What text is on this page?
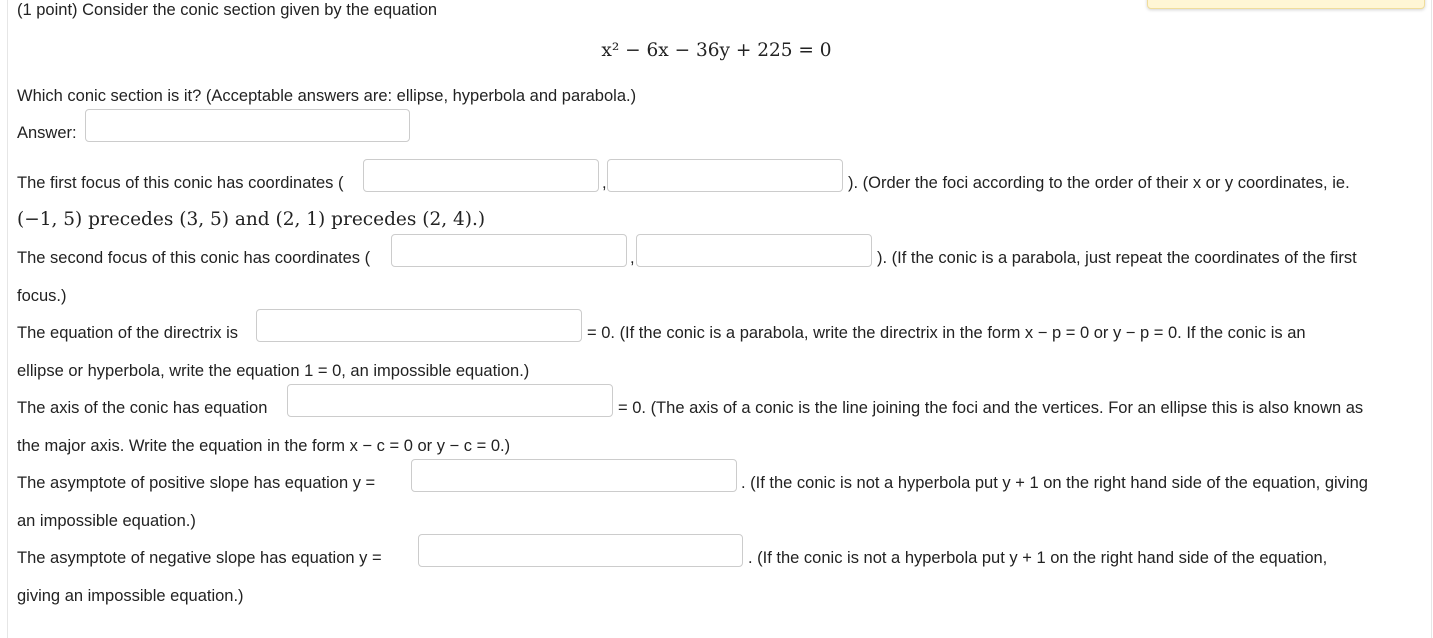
(1 point) Consider the conic section given by the equation
x² − 6x − 36y + 225 = 0
Which conic section is it? (Acceptable answers are: ellipse, hyperbola and parabola.)
Answer:
The first focus of this conic has coordinates (	,	). (Order the foci according to the order of their x or y coordinates, ie.
(−1, 5) precedes (3, 5) and (2, 1) precedes (2, 4).)
The second focus of this conic has coordinates (	,	). (If the conic is a parabola, just repeat the coordinates of the first
focus.)
The equation of the directrix is	= 0. (If the conic is a parabola, write the directrix in the form x − p = 0 or y − p = 0. If the conic is an
ellipse or hyperbola, write the equation 1 = 0, an impossible equation.)
The axis of the conic has equation	= 0. (The axis of a conic is the line joining the foci and the vertices. For an ellipse this is also known as
the major axis. Write the equation in the form x − c = 0 or y − c = 0.)
The asymptote of positive slope has equation y =	. (If the conic is not a hyperbola put y + 1 on the right hand side of the equation, giving
an impossible equation.)
The asymptote of negative slope has equation y =	. (If the conic is not a hyperbola put y + 1 on the right hand side of the equation,
giving an impossible equation.)
